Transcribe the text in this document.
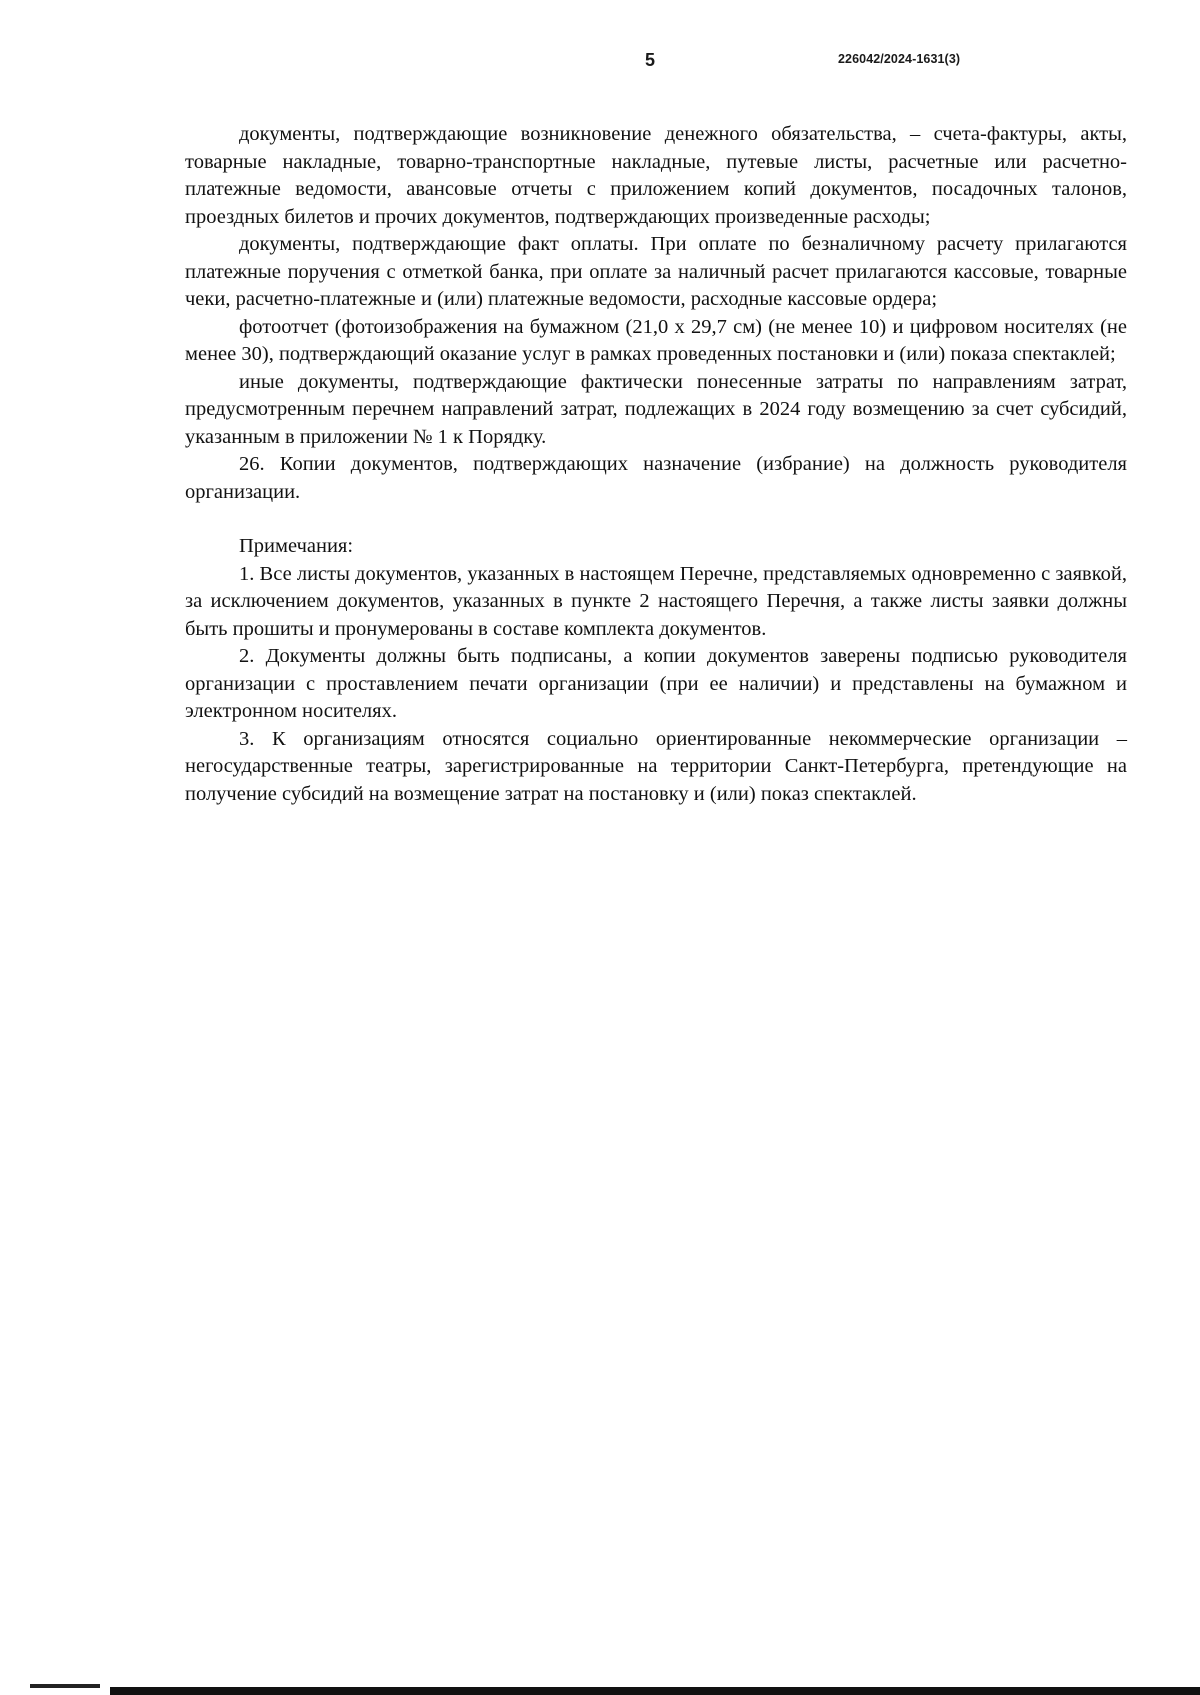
5	226042/2024-1631(3)

документы, подтверждающие возникновение денежного обязательства, – счета-фактуры, акты, товарные накладные, товарно-транспортные накладные, путевые листы, расчетные или расчетно-платежные ведомости, авансовые отчеты с приложением копий документов, посадочных талонов, проездных билетов и прочих документов, подтверждающих произведенные расходы;

документы, подтверждающие факт оплаты. При оплате по безналичному расчету прилагаются платежные поручения с отметкой банка, при оплате за наличный расчет прилагаются кассовые, товарные чеки, расчетно-платежные и (или) платежные ведомости, расходные кассовые ордера;

фотоотчет (фотоизображения на бумажном (21,0 х 29,7 см) (не менее 10) и цифровом носителях (не менее 30), подтверждающий оказание услуг в рамках проведенных постановки и (или) показа спектаклей;

иные документы, подтверждающие фактически понесенные затраты по направлениям затрат, предусмотренным перечнем направлений затрат, подлежащих в 2024 году возмещению за счет субсидий, указанным в приложении № 1 к Порядку.

26. Копии документов, подтверждающих назначение (избрание) на должность руководителя организации.

Примечания:

1. Все листы документов, указанных в настоящем Перечне, представляемых одновременно с заявкой, за исключением документов, указанных в пункте 2 настоящего Перечня, а также листы заявки должны быть прошиты и пронумерованы в составе комплекта документов.

2. Документы должны быть подписаны, а копии документов заверены подписью руководителя организации с проставлением печати организации (при ее наличии) и представлены на бумажном и электронном носителях.

3. К организациям относятся социально ориентированные некоммерческие организации – негосударственные театры, зарегистрированные на территории Санкт-Петербурга, претендующие на получение субсидий на возмещение затрат на постановку и (или) показ спектаклей.
